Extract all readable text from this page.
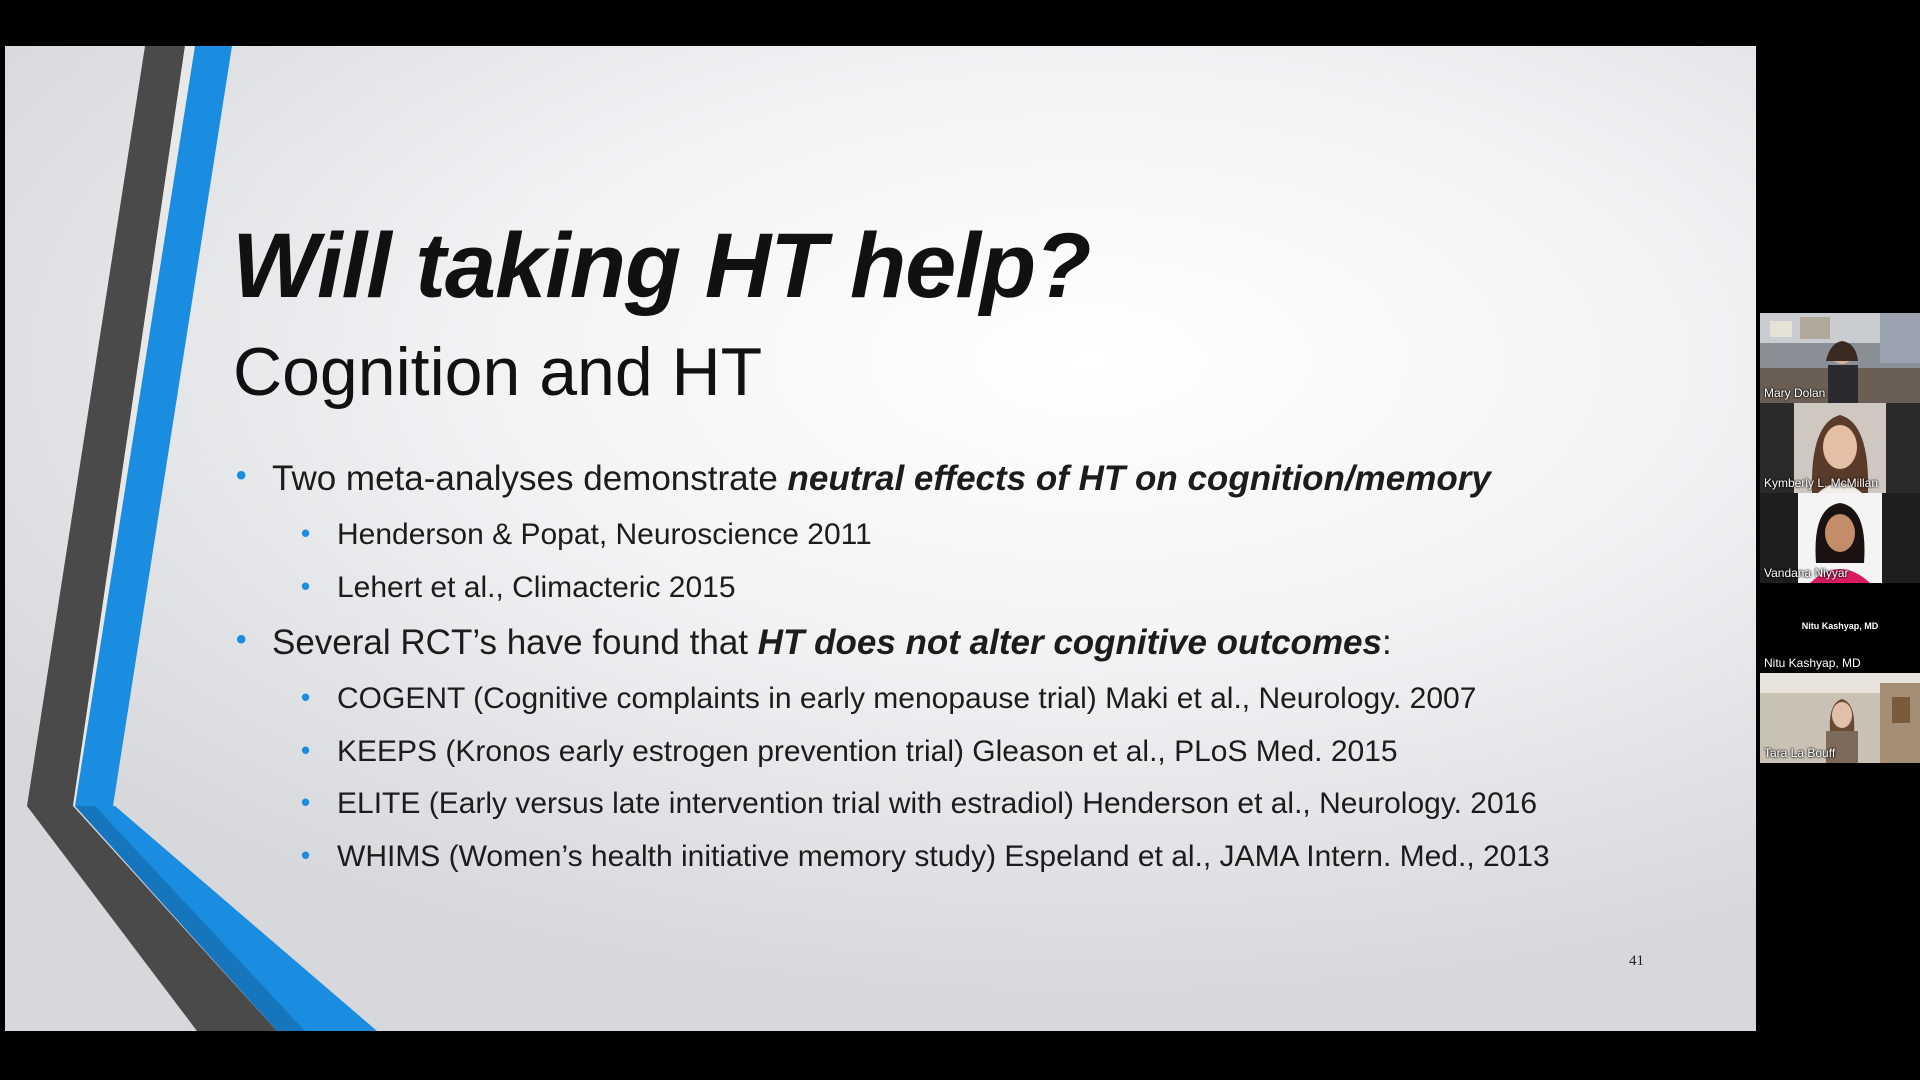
Will taking HT help?
Cognition and HT
• Two meta-analyses demonstrate neutral effects of HT on cognition/memory
• Henderson & Popat, Neuroscience 2011
• Lehert et al., Climacteric 2015
• Several RCT’s have found that HT does not alter cognitive outcomes:
• COGENT (Cognitive complaints in early menopause trial) Maki et al., Neurology. 2007
• KEEPS (Kronos early estrogen prevention trial) Gleason et al., PLoS Med. 2015
• ELITE (Early versus late intervention trial with estradiol) Henderson et al., Neurology. 2016
• WHIMS (Women’s health initiative memory study) Espeland et al., JAMA Intern. Med., 2013
41
Mary Dolan
Kymberly L. McMillan
Vandana Niyyar
Nitu Kashyap, MD
Nitu Kashyap, MD
Tara La Bouff
